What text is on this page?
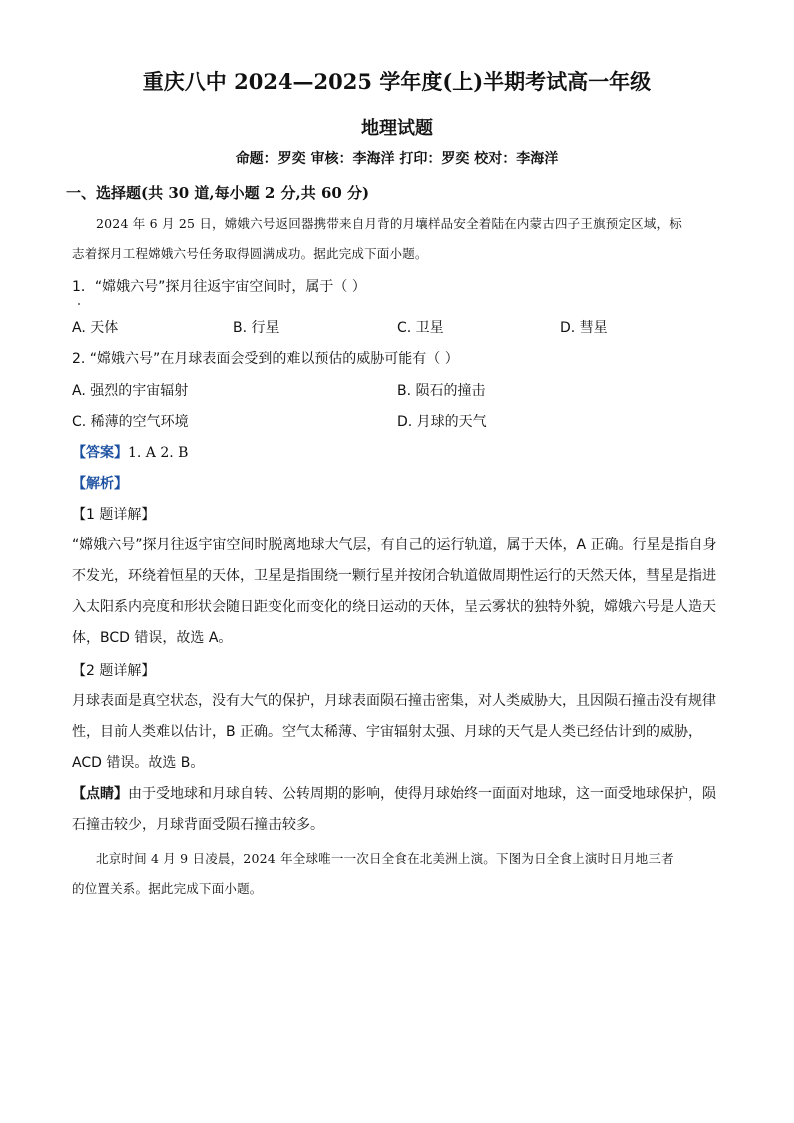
重庆八中 2024—2025 学年度(上)半期考试高一年级
地理试题
命题：罗奕 审核：李海洋 打印：罗奕 校对：李海洋
一、选择题(共 30 道,每小题 2 分,共 60 分)
2024 年 6 月 25 日，嫦娥六号返回器携带来自月背的月壤样品安全着陆在内蒙古四子王旗预定区域，标
志着探月工程嫦娥六号任务取得圆满成功。据此完成下面小题。
1．“嫦娥六号”探月往返宇宙空间时，属于（ ）
A. 天体	B. 行星	C. 卫星	D. 彗星
2. “嫦娥六号”在月球表面会受到的难以预估的威胁可能有（ ）
A. 强烈的宇宙辐射	B. 陨石的撞击
C. 稀薄的空气环境	D. 月球的天气
【答案】1. A 2. B
【解析】
【1 题详解】
“嫦娥六号”探月往返宇宙空间时脱离地球大气层，有自己的运行轨道，属于天体，A 正确。行星是指自身
不发光，环绕着恒星的天体，卫星是指围绕一颗行星并按闭合轨道做周期性运行的天然天体，彗星是指进
入太阳系内亮度和形状会随日距变化而变化的绕日运动的天体，呈云雾状的独特外貌，嫦娥六号是人造天
体，BCD 错误，故选 A。
【2 题详解】
月球表面是真空状态，没有大气的保护，月球表面陨石撞击密集，对人类威胁大，且因陨石撞击没有规律
性，目前人类难以估计，B 正确。空气太稀薄、宇宙辐射太强、月球的天气是人类已经估计到的威胁，
ACD 错误。故选 B。
【点睛】由于受地球和月球自转、公转周期的影响，使得月球始终一面面对地球，这一面受地球保护，陨
石撞击较少，月球背面受陨石撞击较多。
北京时间 4 月 9 日凌晨，2024 年全球唯一一次日全食在北美洲上演。下图为日全食上演时日月地三者
的位置关系。据此完成下面小题。
